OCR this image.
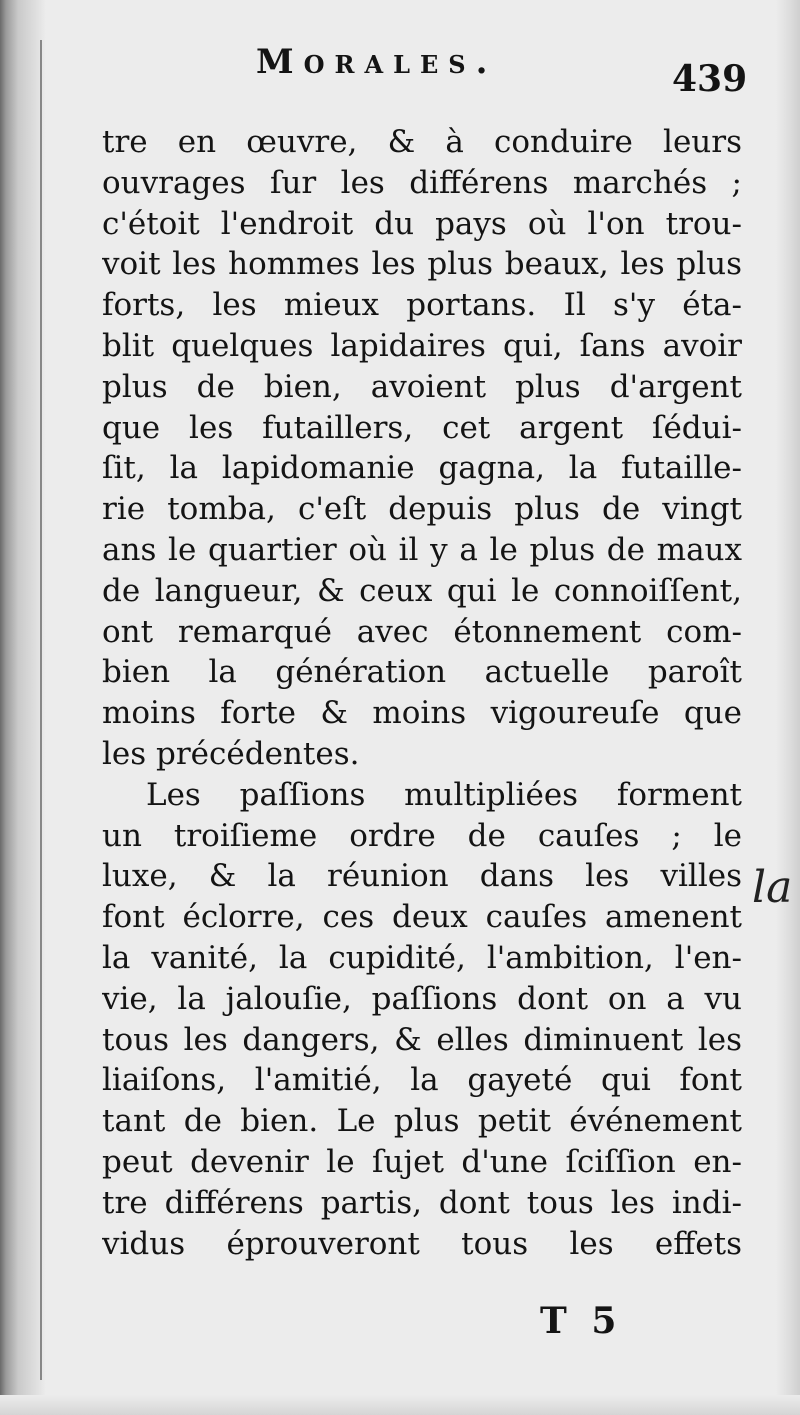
Morales.	439
tre en œuvre, & à conduire leurs
ouvrages ſur les différens marchés ;
c'étoit l'endroit du pays où l'on trou-
voit les hommes les plus beaux, les plus
forts, les mieux portans. Il s'y éta-
blit quelques lapidaires qui, ſans avoir
plus de bien, avoient plus d'argent
que les futaillers, cet argent ſédui-
ſit, la lapidomanie gagna, la futaille-
rie tomba, c'eſt depuis plus de vingt
ans le quartier où il y a le plus de maux
de langueur, & ceux qui le connoiſſent,
ont remarqué avec étonnement com-
bien la génération actuelle paroît
moins forte & moins vigoureuſe que
les précédentes.
Les paſſions multipliées forment
un troiſieme ordre de cauſes ; le
luxe, & la réunion dans les villes
font éclorre, ces deux cauſes amenent
la vanité, la cupidité, l'ambition, l'en-
vie, la jalouſie, paſſions dont on a vu
tous les dangers, & elles diminuent les
liaiſons, l'amitié, la gayeté qui font
tant de bien. Le plus petit événement
peut devenir le ſujet d'une ſciſſion en-
tre différens partis, dont tous les indi-
vidus éprouveront tous les effets
la
T 5
